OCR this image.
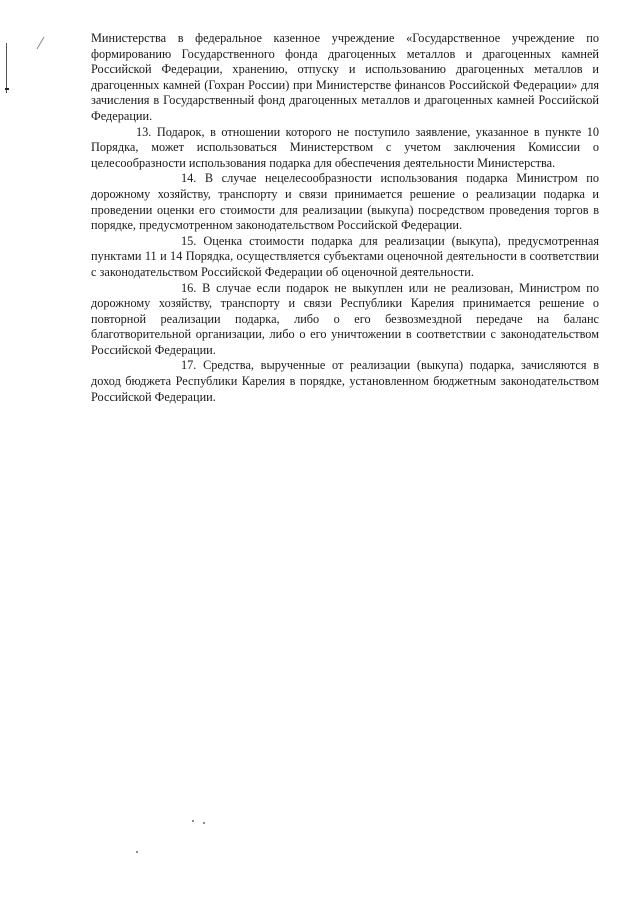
Министерства в федеральное казенное учреждение «Государственное учреждение по формированию Государственного фонда драгоценных металлов и драгоценных камней Российской Федерации, хранению, отпуску и использованию драгоценных металлов и драгоценных камней (Гохран России) при Министерстве финансов Российской Федерации» для зачисления в Государственный фонд драгоценных металлов и драгоценных камней Российской Федерации.

13. Подарок, в отношении которого не поступило заявление, указанное в пункте 10 Порядка, может использоваться Министерством с учетом заключения Комиссии о целесообразности использования подарка для обеспечения деятельности Министерства.

14. В случае нецелесообразности использования подарка Министром по дорожному хозяйству, транспорту и связи принимается решение о реализации подарка и проведении оценки его стоимости для реализации (выкупа) посредством проведения торгов в порядке, предусмотренном законодательством Российской Федерации.

15. Оценка стоимости подарка для реализации (выкупа), предусмотренная пунктами 11 и 14 Порядка, осуществляется субъектами оценочной деятельности в соответствии с законодательством Российской Федерации об оценочной деятельности.

16. В случае если подарок не выкуплен или не реализован, Министром по дорожному хозяйству, транспорту и связи Республики Карелия принимается решение о повторной реализации подарка, либо о его безвозмездной передаче на баланс благотворительной организации, либо о его уничтожении в соответствии с законодательством Российской Федерации.

17. Средства, вырученные от реализации (выкупа) подарка, зачисляются в доход бюджета Республики Карелия в порядке, установленном бюджетным законодательством Российской Федерации.
